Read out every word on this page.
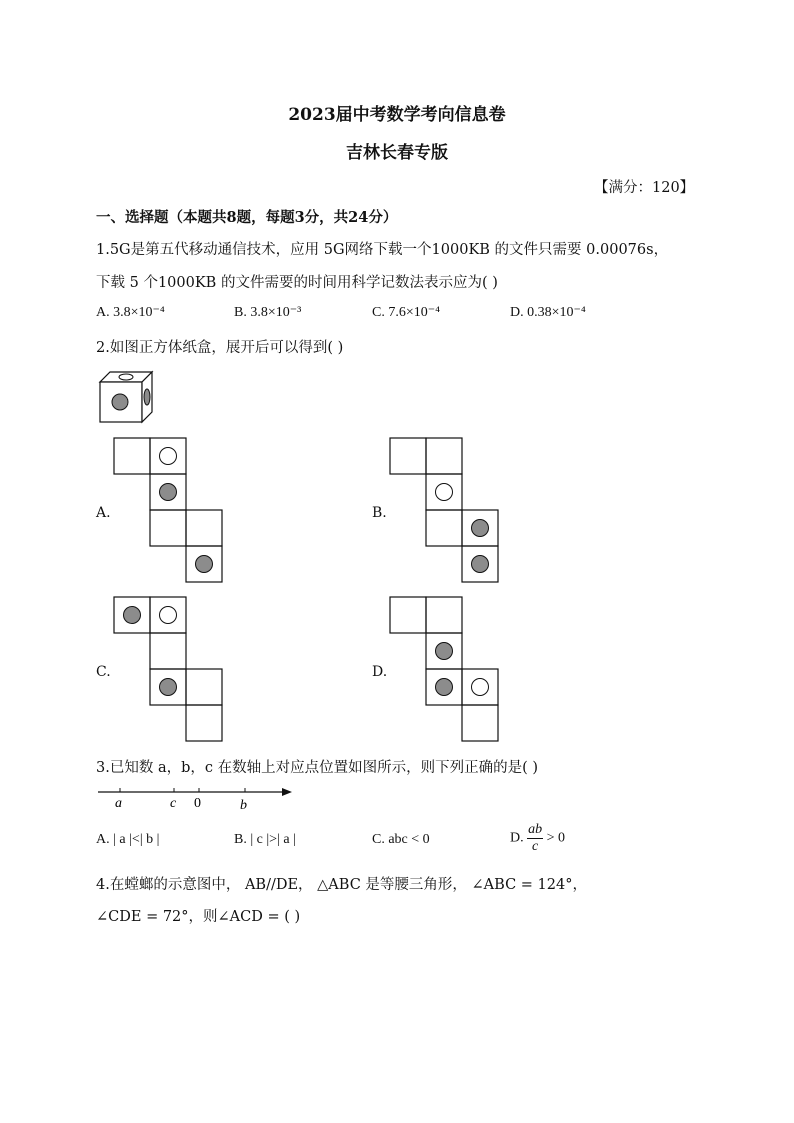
2023届中考数学考向信息卷
吉林长春专版
【满分：120】
一、选择题（本题共8题，每题3分，共24分）
1.5G是第五代移动通信技术，应用 5G网络下载一个1000KB 的文件只需要 0.00076s，
下载 5 个1000KB 的文件需要的时间用科学记数法表示应为( )
A. 3.8×10⁻⁴	B. 3.8×10⁻³	C. 7.6×10⁻⁴	D. 0.38×10⁻⁴
2.如图正方体纸盒，展开后可以得到( )
A.	B.
C.	D.
3.已知数 a，b，c 在数轴上对应点位置如图所示，则下列正确的是( )
a	c 0	b
A. | a |<| b |	B. | c |>| a |	C. abc < 0	D. $\frac{ab}{c} > 0$
4.在螳螂的示意图中， AB//DE， △ABC 是等腰三角形， ∠ABC = 124°，
∠CDE = 72°，则∠ACD = ( )
